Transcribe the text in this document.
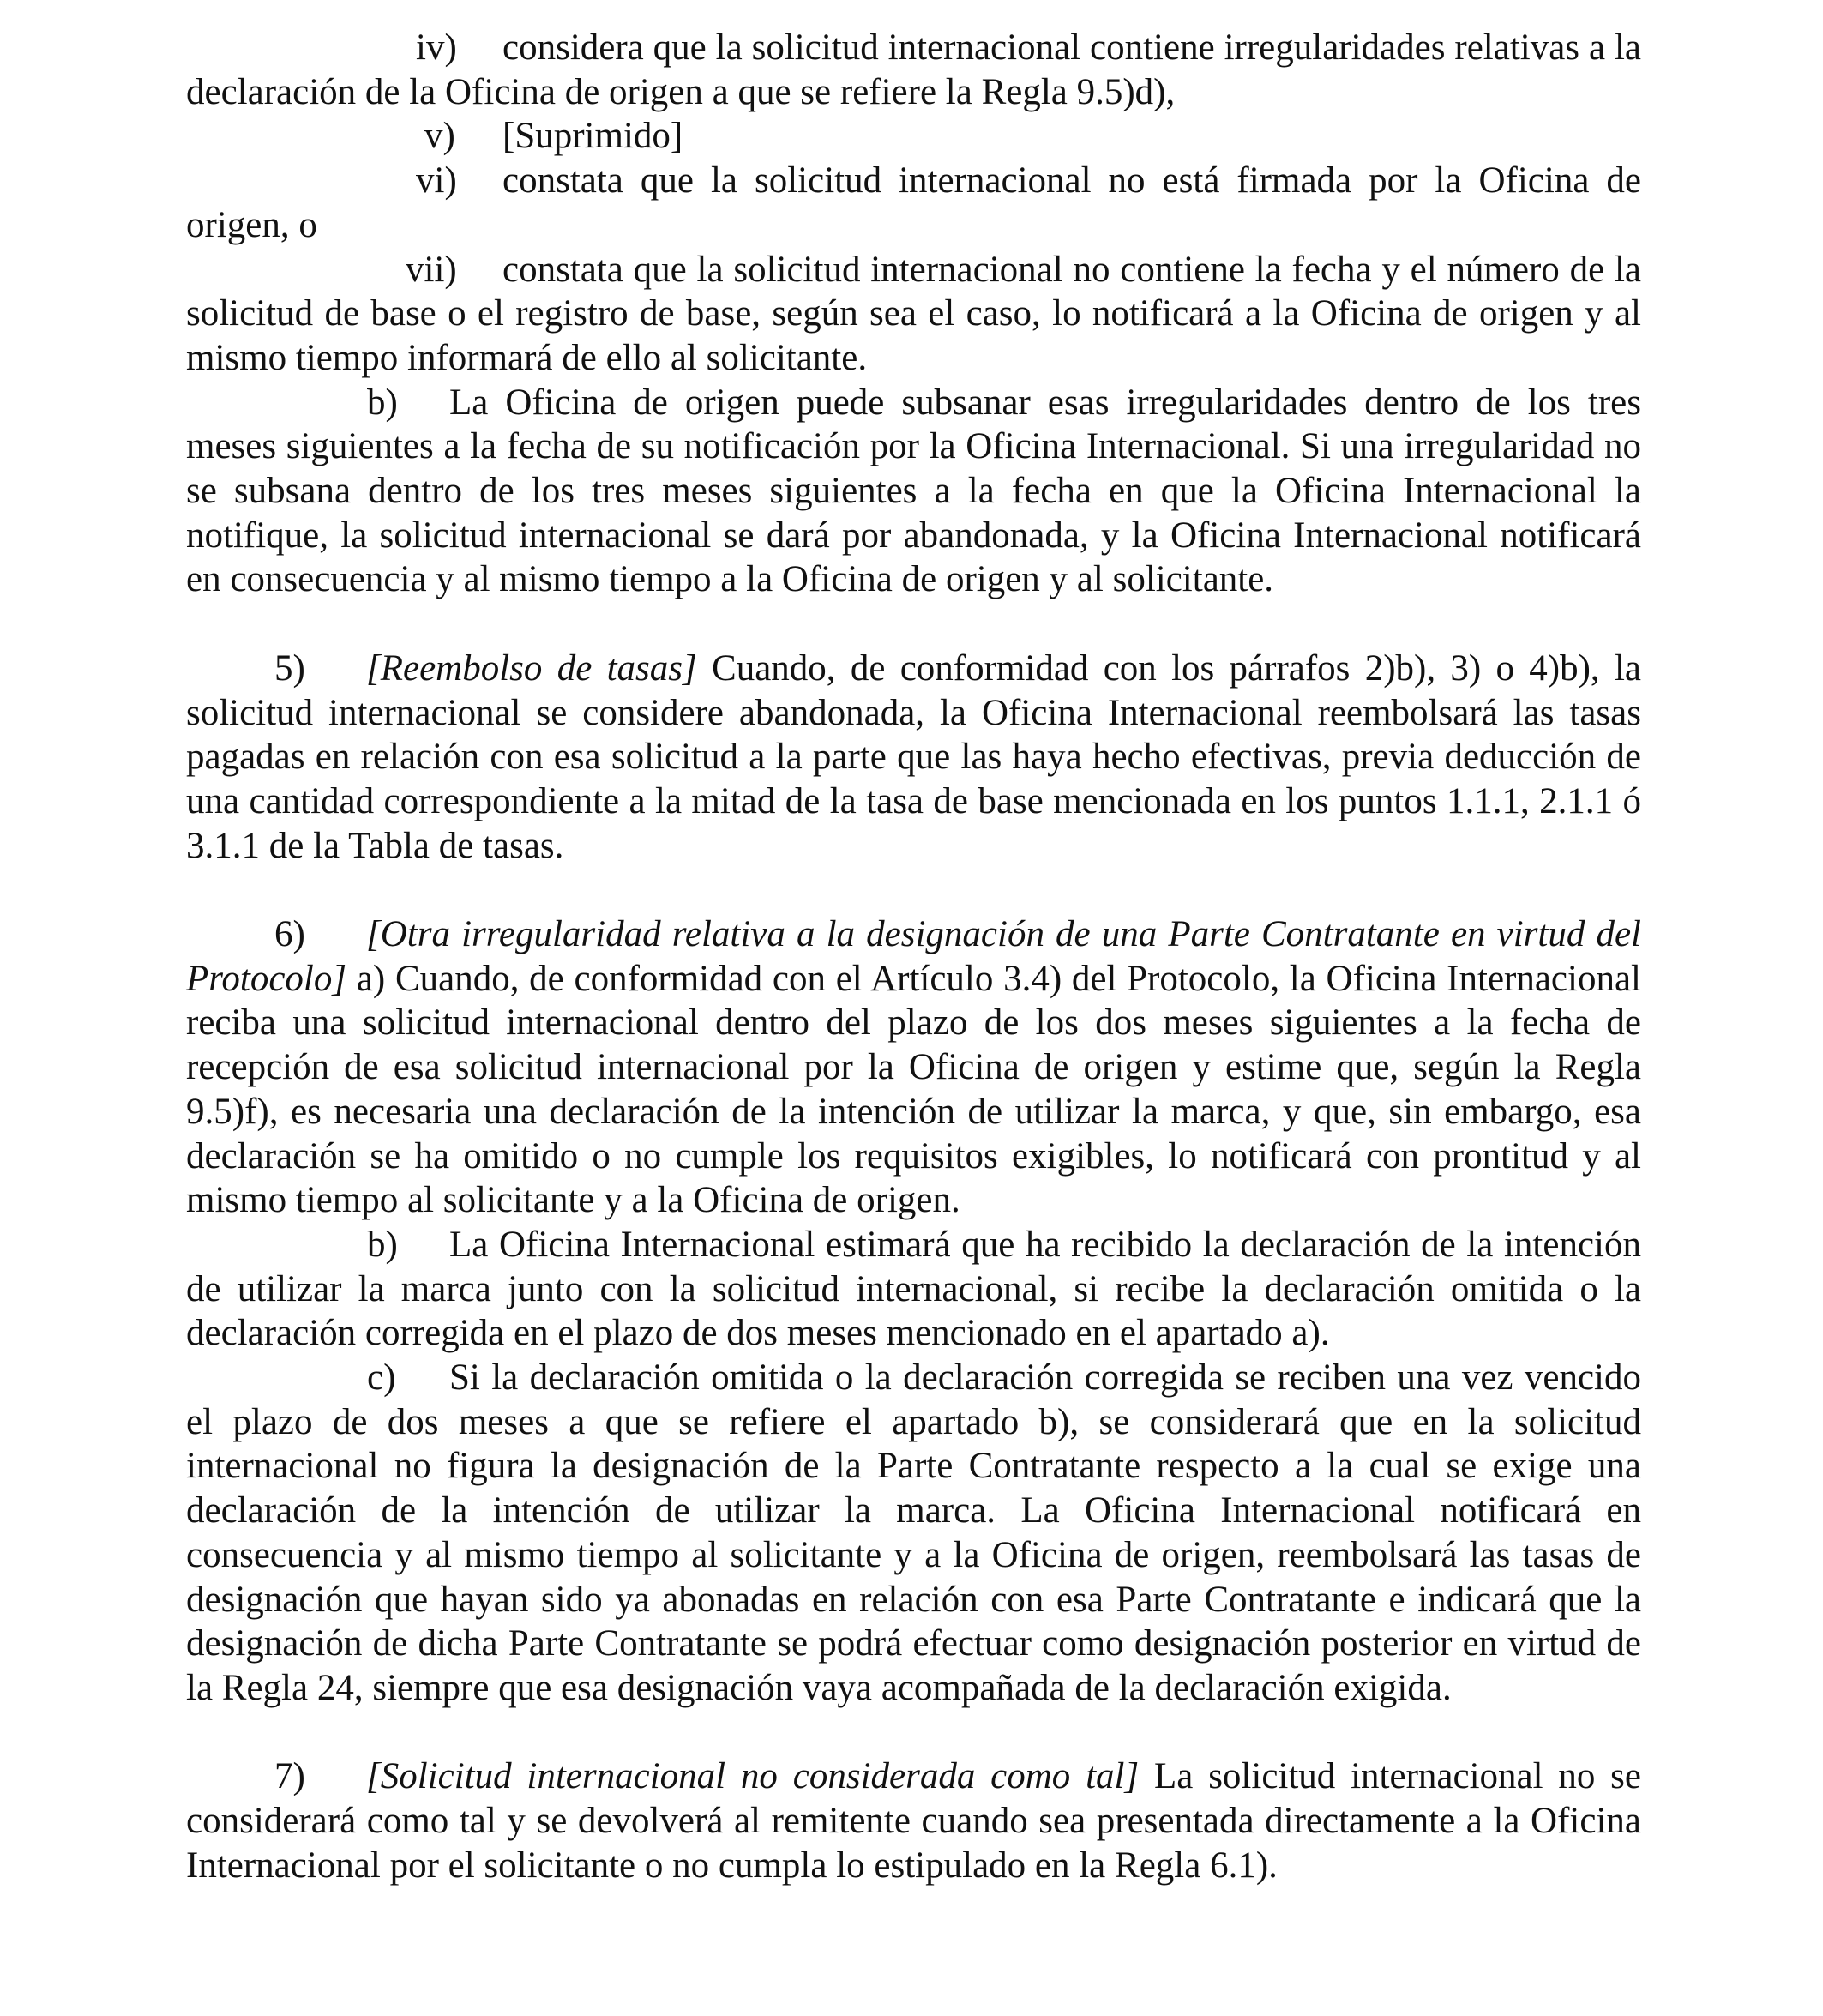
iv) considera que la solicitud internacional contiene irregularidades relativas a la declaración de la Oficina de origen a que se refiere la Regla 9.5)d),

v) [Suprimido]

vi) constata que la solicitud internacional no está firmada por la Oficina de origen, o

vii) constata que la solicitud internacional no contiene la fecha y el número de la solicitud de base o el registro de base, según sea el caso, lo notificará a la Oficina de origen y al mismo tiempo informará de ello al solicitante.

b) La Oficina de origen puede subsanar esas irregularidades dentro de los tres meses siguientes a la fecha de su notificación por la Oficina Internacional. Si una irregularidad no se subsana dentro de los tres meses siguientes a la fecha en que la Oficina Internacional la notifique, la solicitud internacional se dará por abandonada, y la Oficina Internacional notificará en consecuencia y al mismo tiempo a la Oficina de origen y al solicitante.

5) [Reembolso de tasas] Cuando, de conformidad con los párrafos 2)b), 3) o 4)b), la solicitud internacional se considere abandonada, la Oficina Internacional reembolsará las tasas pagadas en relación con esa solicitud a la parte que las haya hecho efectivas, previa deducción de una cantidad correspondiente a la mitad de la tasa de base mencionada en los puntos 1.1.1, 2.1.1 ó 3.1.1 de la Tabla de tasas.

6) [Otra irregularidad relativa a la designación de una Parte Contratante en virtud del Protocolo] a) Cuando, de conformidad con el Artículo 3.4) del Protocolo, la Oficina Internacional reciba una solicitud internacional dentro del plazo de los dos meses siguientes a la fecha de recepción de esa solicitud internacional por la Oficina de origen y estime que, según la Regla 9.5)f), es necesaria una declaración de la intención de utilizar la marca, y que, sin embargo, esa declaración se ha omitido o no cumple los requisitos exigibles, lo notificará con prontitud y al mismo tiempo al solicitante y a la Oficina de origen.

b) La Oficina Internacional estimará que ha recibido la declaración de la intención de utilizar la marca junto con la solicitud internacional, si recibe la declaración omitida o la declaración corregida en el plazo de dos meses mencionado en el apartado a).

c) Si la declaración omitida o la declaración corregida se reciben una vez vencido el plazo de dos meses a que se refiere el apartado b), se considerará que en la solicitud internacional no figura la designación de la Parte Contratante respecto a la cual se exige una declaración de la intención de utilizar la marca. La Oficina Internacional notificará en consecuencia y al mismo tiempo al solicitante y a la Oficina de origen, reembolsará las tasas de designación que hayan sido ya abonadas en relación con esa Parte Contratante e indicará que la designación de dicha Parte Contratante se podrá efectuar como designación posterior en virtud de la Regla 24, siempre que esa designación vaya acompañada de la declaración exigida.

7) [Solicitud internacional no considerada como tal] La solicitud internacional no se considerará como tal y se devolverá al remitente cuando sea presentada directamente a la Oficina Internacional por el solicitante o no cumpla lo estipulado en la Regla 6.1).
